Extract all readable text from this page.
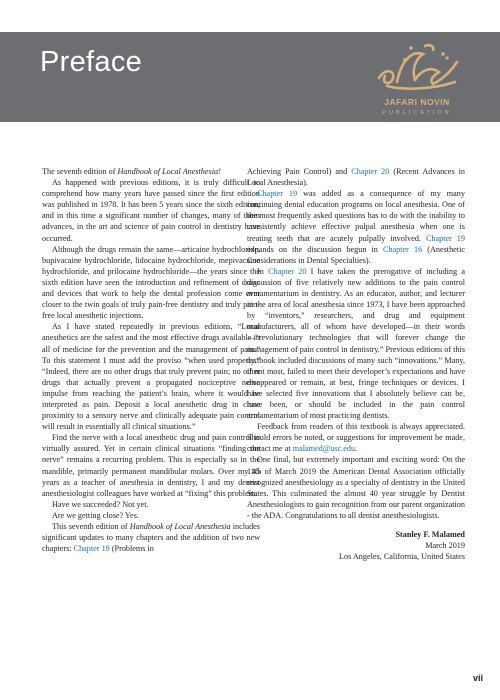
Preface
JAFARI NOVIN
PUBLICATION

The seventh edition of Handbook of Local Anesthesia!

As happened with previous editions, it is truly difficult to comprehend how many years have passed since the first edition was published in 1978. It has been 5 years since the sixth edition, and in this time a significant number of changes, many of them advances, in the art and science of pain control in dentistry have occurred.

Although the drugs remain the same—articaine hydrochloride, bupivacaine hydrochloride, lidocaine hydrochloride, mepivacaine hydrochloride, and prilocaine hydrochloride—the years since the sixth edition have seen the introduction and refinement of drugs and devices that work to help the dental profession come ever closer to the twin goals of truly pain-free dentistry and truly pain-free local anesthetic injections.

As I have stated repeatedly in previous editions, “Local anesthetics are the safest and the most effective drugs available in all of medicine for the prevention and the management of pain.” To this statement I must add the proviso “when used properly.” “Indeed, there are no other drugs that truly prevent pain; no other drugs that actually prevent a propagated nociceptive nerve impulse from reaching the patient’s brain, where it would be interpreted as pain. Deposit a local anesthetic drug in close proximity to a sensory nerve and clinically adequate pain control will result in essentially all clinical situations.”

Find the nerve with a local anesthetic drug and pain control is virtually assured. Yet in certain clinical situations “finding the nerve” remains a recurring problem. This is especially so in the mandible, primarily permanent mandibular molars. Over my 45 years as a teacher of anesthesia in dentistry, I and my dentist anesthesiologist colleagues have worked at “fixing” this problem.

Have we succeeded? Not yet.

Are we getting close? Yes.

This seventh edition of Handbook of Local Anesthesia includes significant updates to many chapters and the addition of two new chapters: Chapter 19 (Problems in

Achieving Pain Control) and Chapter 20 (Recent Advances in Local Anesthesia).

Chapter 19 was added as a consequence of my many continuing dental education programs on local anesthesia. One of the most frequently asked questions has to do with the inability to consistently achieve effective pulpal anesthesia when one is treating teeth that are acutely pulpally involved. Chapter 19 expands on the discussion begun in Chapter 16 (Anesthetic Considerations in Dental Specialties).

In Chapter 20 I have taken the prerogative of including a discussion of five relatively new additions to the pain control armamentarium in dentistry. As an educator, author, and lecturer in the area of local anesthesia since 1973, I have been approached by “inventors,” researchers, and drug and equipment manufacturers, all of whom have developed—in their words—“revolutionary technologies that will forever change the management of pain control in dentistry.” Previous editions of this textbook included discussions of many such “innovations.” Many, if not most, failed to meet their developer’s expectations and have disappeared or remain, at best, fringe techniques or devices. I have selected five innovations that I absolutely believe can be, have been, or should be included in the pain control armamentarium of most practicing dentists.

Feedback from readers of this textbook is always appreciated. Should errors be noted, or suggestions for improvement be made, contact me at malamed@usc.edu.

One final, but extremely important and exciting word: On the 11th of March 2019 the American Dental Association officially recognized anesthesiology as a specialty of dentistry in the United States. This culminated the almost 40 year struggle by Dentist Anesthesiologists to gain recognition from our parent organization - the ADA. Congratulations to all dentist anesthesiologists.

Stanley F. Malamed

March 2019

Los Angeles, California, United States

vii
